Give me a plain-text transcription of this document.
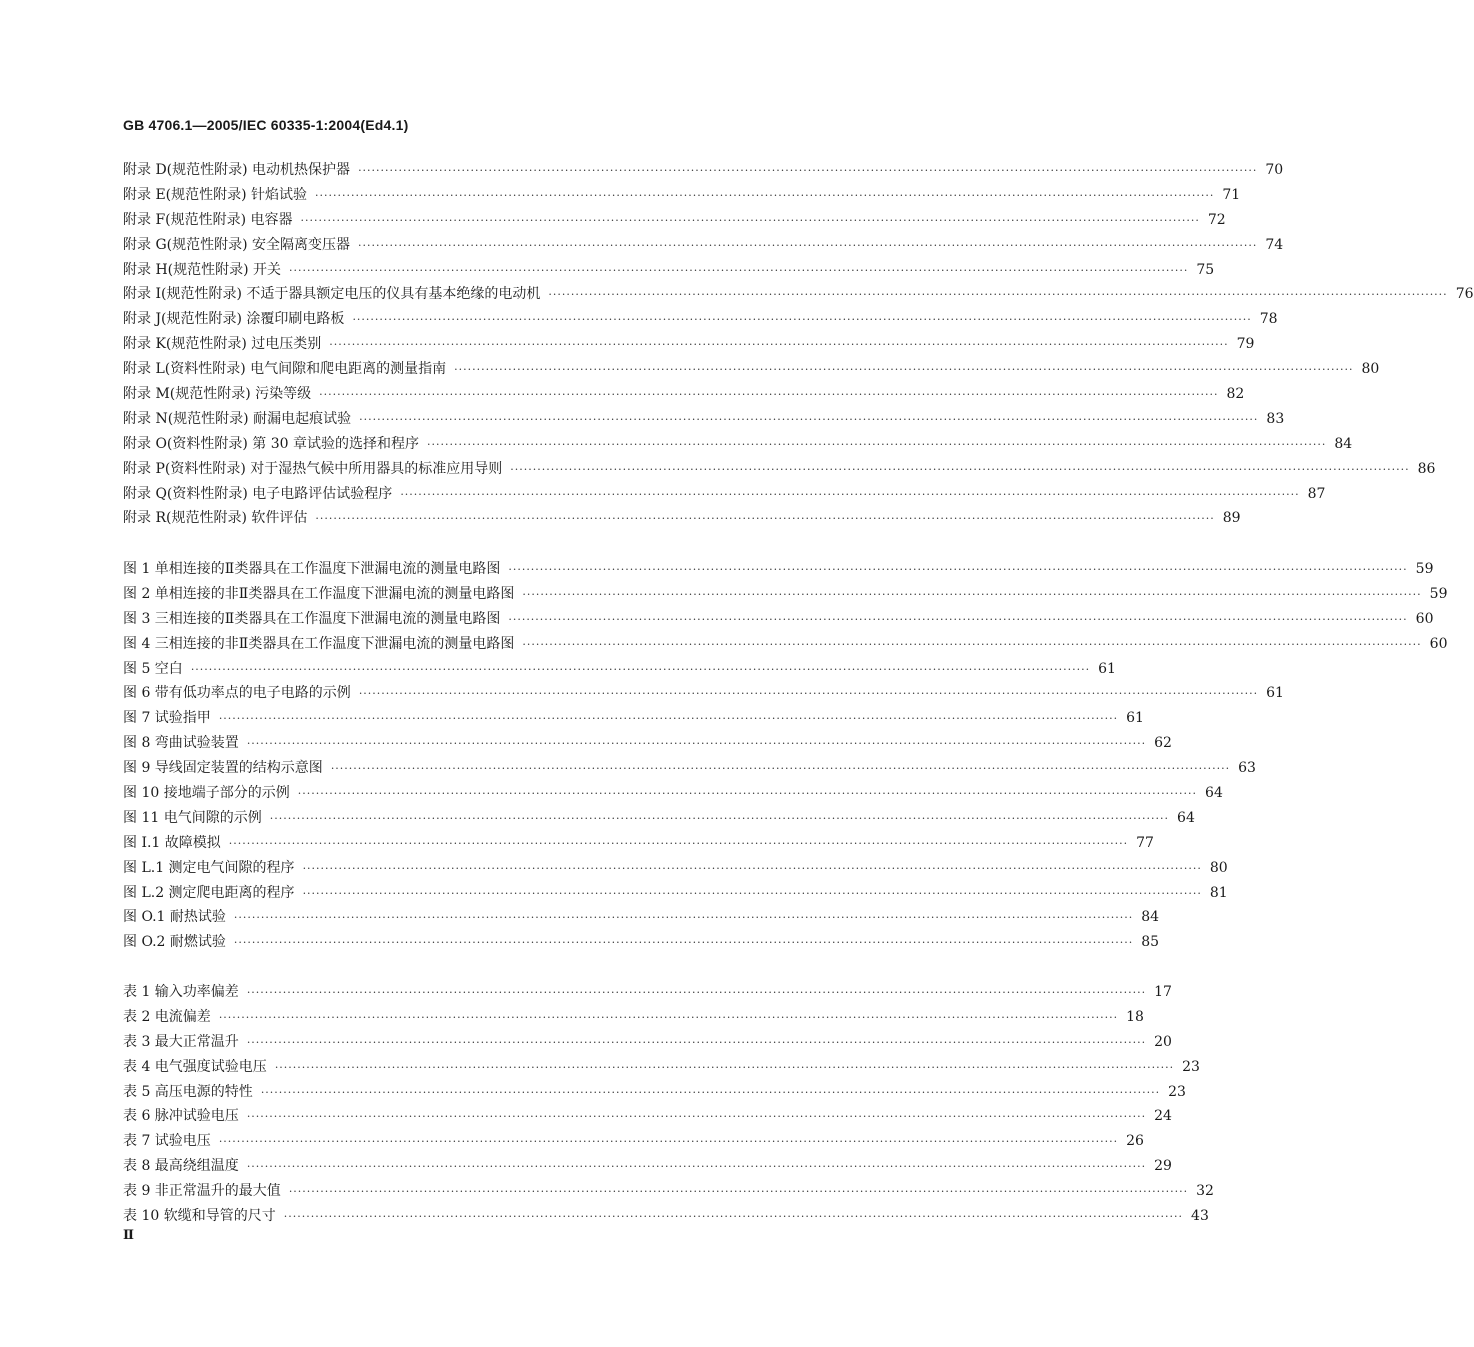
GB 4706.1—2005/IEC 60335-1:2004(Ed4.1)
附录 D(规范性附录) 电动机热保护器 ········································································································································································································ 70
附录 E(规范性附录) 针焰试验 ········································································································································································································ 71
附录 F(规范性附录) 电容器 ········································································································································································································ 72
附录 G(规范性附录) 安全隔离变压器 ········································································································································································································ 74
附录 H(规范性附录) 开关 ········································································································································································································ 75
附录 I(规范性附录) 不适于器具额定电压的仪具有基本绝缘的电动机 ········································································································································································································ 76
附录 J(规范性附录) 涂覆印刷电路板 ········································································································································································································ 78
附录 K(规范性附录) 过电压类别 ········································································································································································································ 79
附录 L(资料性附录) 电气间隙和爬电距离的测量指南 ········································································································································································································ 80
附录 M(规范性附录) 污染等级 ········································································································································································································ 82
附录 N(规范性附录) 耐漏电起痕试验 ········································································································································································································ 83
附录 O(资料性附录) 第 30 章试验的选择和程序 ········································································································································································································ 84
附录 P(资料性附录) 对于湿热气候中所用器具的标准应用导则 ········································································································································································································ 86
附录 Q(资料性附录) 电子电路评估试验程序 ········································································································································································································ 87
附录 R(规范性附录) 软件评估 ········································································································································································································ 89
图 1 单相连接的Ⅱ类器具在工作温度下泄漏电流的测量电路图 ········································································································································································································ 59
图 2 单相连接的非Ⅱ类器具在工作温度下泄漏电流的测量电路图 ········································································································································································································ 59
图 3 三相连接的Ⅱ类器具在工作温度下泄漏电流的测量电路图 ········································································································································································································ 60
图 4 三相连接的非Ⅱ类器具在工作温度下泄漏电流的测量电路图 ········································································································································································································ 60
图 5 空白 ········································································································································································································ 61
图 6 带有低功率点的电子电路的示例 ········································································································································································································ 61
图 7 试验指甲 ········································································································································································································ 61
图 8 弯曲试验装置 ········································································································································································································ 62
图 9 导线固定装置的结构示意图 ········································································································································································································ 63
图 10 接地端子部分的示例 ········································································································································································································ 64
图 11 电气间隙的示例 ········································································································································································································ 64
图 I.1 故障模拟 ········································································································································································································ 77
图 L.1 测定电气间隙的程序 ········································································································································································································ 80
图 L.2 测定爬电距离的程序 ········································································································································································································ 81
图 O.1 耐热试验 ········································································································································································································ 84
图 O.2 耐燃试验 ········································································································································································································ 85
表 1 输入功率偏差 ········································································································································································································ 17
表 2 电流偏差 ········································································································································································································ 18
表 3 最大正常温升 ········································································································································································································ 20
表 4 电气强度试验电压 ········································································································································································································ 23
表 5 高压电源的特性 ········································································································································································································ 23
表 6 脉冲试验电压 ········································································································································································································ 24
表 7 试验电压 ········································································································································································································ 26
表 8 最高绕组温度 ········································································································································································································ 29
表 9 非正常温升的最大值 ········································································································································································································ 32
表 10 软缆和导管的尺寸 ········································································································································································································ 43
Ⅱ
